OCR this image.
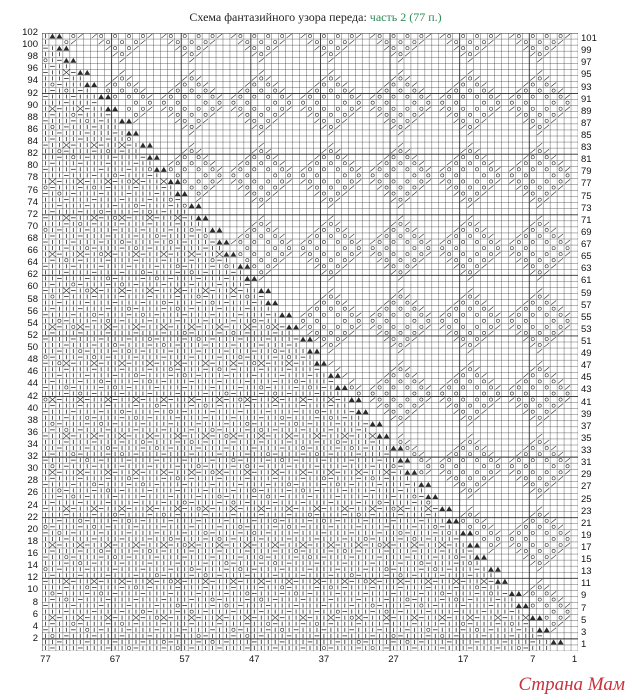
Схема фантазийного узора переда: часть 2 (77 п.)
102
100
98
96
94
92
90
88
86
84
82
80
78
76
74
72
70
68
66
64
62
60
58
56
54
52
50
48
46
44
42
40
38
36
34
32
30
28
26
24
22
20
18
16
14
12
10
8
6
4
2
101
99
97
95
93
91
89
87
85
83
81
79
77
75
73
71
69
67
65
63
61
59
57
55
53
51
49
47
45
43
41
39
37
35
33
31
29
27
25
23
21
19
17
15
13
11
9
7
5
3
1
77	67	57	47	37	27	17	7	1
Страна Мам
